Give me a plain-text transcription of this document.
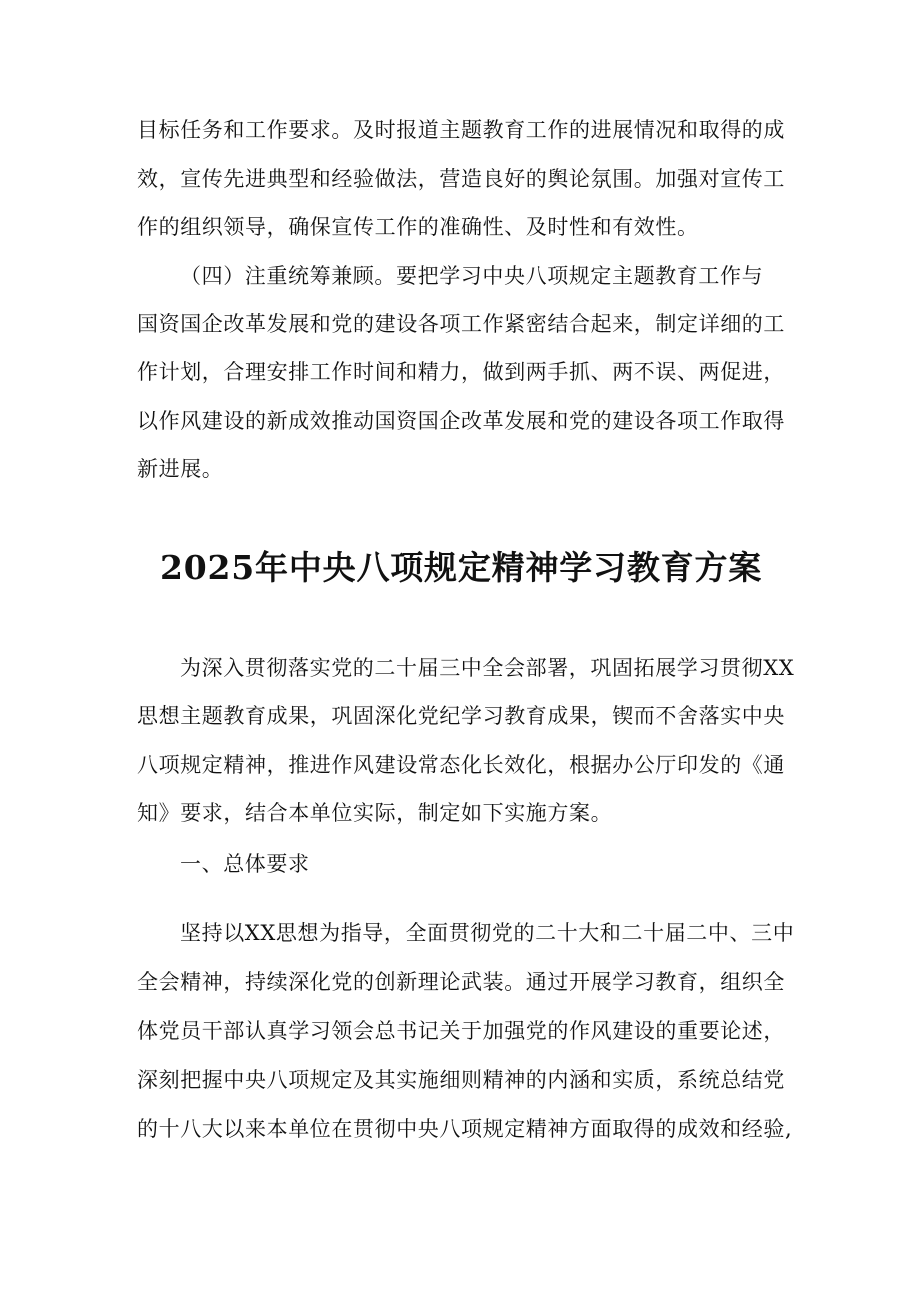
目标任务和工作要求。及时报道主题教育工作的进展情况和取得的成
效，宣传先进典型和经验做法，营造良好的舆论氛围。加强对宣传工
作的组织领导，确保宣传工作的准确性、及时性和有效性。
（四）注重统筹兼顾。要把学习中央八项规定主题教育工作与
国资国企改革发展和党的建设各项工作紧密结合起来，制定详细的工
作计划，合理安排工作时间和精力，做到两手抓、两不误、两促进，
以作风建设的新成效推动国资国企改革发展和党的建设各项工作取得
新进展。
2025年中央八项规定精神学习教育方案
为深入贯彻落实党的二十届三中全会部署，巩固拓展学习贯彻XX
思想主题教育成果，巩固深化党纪学习教育成果，锲而不舍落实中央
八项规定精神，推进作风建设常态化长效化，根据办公厅印发的《通
知》要求，结合本单位实际，制定如下实施方案。
一、总体要求
坚持以XX思想为指导，全面贯彻党的二十大和二十届二中、三中
全会精神，持续深化党的创新理论武装。通过开展学习教育，组织全
体党员干部认真学习领会总书记关于加强党的作风建设的重要论述，
深刻把握中央八项规定及其实施细则精神的内涵和实质，系统总结党
的十八大以来本单位在贯彻中央八项规定精神方面取得的成效和经验,
